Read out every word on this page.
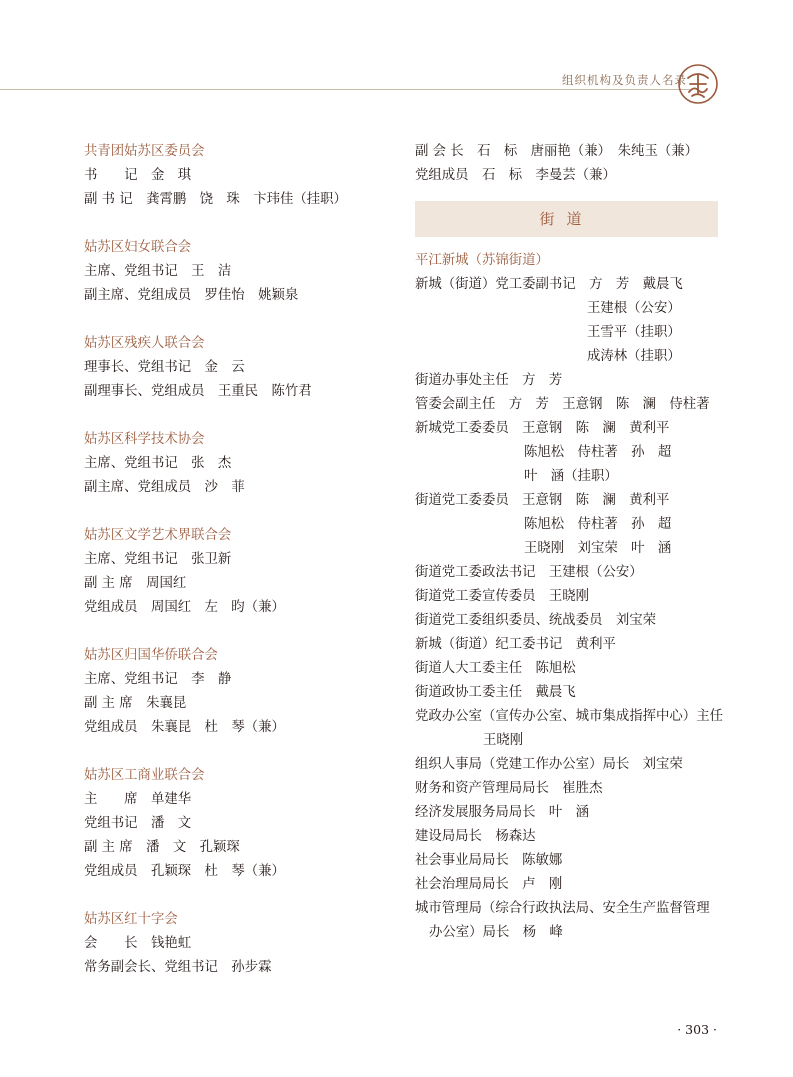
组织机构及负责人名录
共青团姑苏区委员会
书　　记　金　琪
副 书 记　龚霄鹏　饶　珠　卞玮佳（挂职）
姑苏区妇女联合会
主席、党组书记　王　洁
副主席、党组成员　罗佳怡　姚颖泉
姑苏区残疾人联合会
理事长、党组书记　金　云
副理事长、党组成员　王重民　陈竹君
姑苏区科学技术协会
主席、党组书记　张　杰
副主席、党组成员　沙　菲
姑苏区文学艺术界联合会
主席、党组书记　张卫新
副 主 席　周国红
党组成员　周国红　左　昀（兼）
姑苏区归国华侨联合会
主席、党组书记　李　静
副 主 席　朱襄昆
党组成员　朱襄昆　杜　琴（兼）
姑苏区工商业联合会
主　　席　单建华
党组书记　潘　文
副 主 席　潘　文　孔颖琛
党组成员　孔颖琛　杜　琴（兼）
姑苏区红十字会
会　　长　钱艳虹
常务副会长、党组书记　孙步霖
副 会 长　石　标　唐丽艳（兼）　朱纯玉（兼）
党组成员　石　标　李曼芸（兼）
街道
平江新城（苏锦街道）
新城（街道）党工委副书记　方　芳　戴晨飞
王建根（公安）
王雪平（挂职）
成涛林（挂职）
街道办事处主任　方　芳
管委会副主任　方　芳　王意钢　陈　澜　侍柱著
新城党工委委员　王意钢　陈　澜　黄利平
陈旭松　侍柱著　孙　超
叶　涵（挂职）
街道党工委委员　王意钢　陈　澜　黄利平
陈旭松　侍柱著　孙　超
王晓刚　刘宝荣　叶　涵
街道党工委政法书记　王建根（公安）
街道党工委宣传委员　王晓刚
街道党工委组织委员、统战委员　刘宝荣
新城（街道）纪工委书记　黄利平
街道人大工委主任　陈旭松
街道政协工委主任　戴晨飞
党政办公室（宣传办公室、城市集成指挥中心）主任
王晓刚
组织人事局（党建工作办公室）局长　刘宝荣
财务和资产管理局局长　崔胜杰
经济发展服务局局长　叶　涵
建设局局长　杨森达
社会事业局局长　陈敏娜
社会治理局局长　卢　刚
城市管理局（综合行政执法局、安全生产监督管理
办公室）局长　杨　峰
· 303 ·
